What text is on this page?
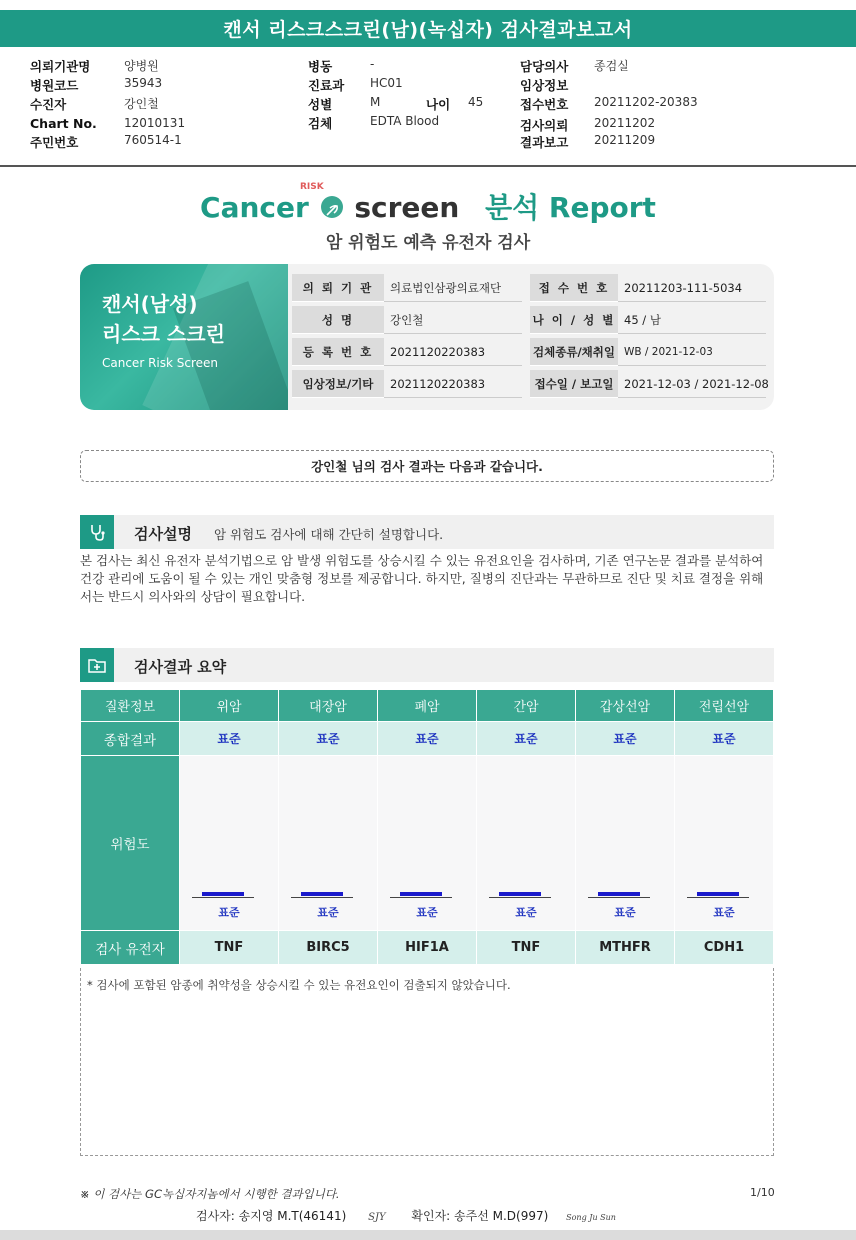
캔서 리스크스크린(남)(녹십자) 검사결과보고서
의뢰기관명	양병원
병원코드	35943
수진자	강인철
Chart No. 12010131
주민번호	760514-1
병동	-
진료과 HC01
성별	M	나이 45
검체	EDTA Blood
담당의사 종검실
임상정보
접수번호 20211202-20383
검사의뢰 20211202
결과보고 20211209
Cancer
RISK
screen 분석 Report
암 위험도 예측 유전자 검사
캔서(남성)
리스크 스크린
Cancer Risk Screen
의 뢰 기 관	의료법인삼광의료재단	접 수 번 호	20211203-111-5034
성 명	강인철	나 이 / 성 별 45 / 남
등 록 번 호	2021120220383	검체종류/채취일 WB / 2021-12-03
임상정보/기타	2021120220383	접수일 / 보고일 2021-12-03 / 2021-12-08
강인철 님의 검사 결과는 다음과 같습니다.
검사설명 암 위험도 검사에 대해 간단히 설명합니다.
본 검사는 최신 유전자 분석기법으로 암 발생 위험도를 상승시킬 수 있는 유전요인을 검사하며, 기존 연구논문 결과를 분석하여 건강 관리에 도움이 될 수 있는 개인 맞춤형 정보를 제공합니다. 하지만, 질병의 진단과는 무관하므로 진단 및 치료 결정을 위해서는 반드시 의사와의 상담이 필요합니다.
검사결과 요약
질환정보	위암	대장암	폐암	간암	갑상선암	전립선암
종합결과	표준	표준	표준	표준	표준	표준
위험도	표준	표준	표준	표준	표준	표준

검사 유전자	TNF	BIRC5	HIF1A	TNF	MTHFR	CDH1
* 검사에 포함된 암종에 취약성을 상승시킬 수 있는 유전요인이 검출되지 않았습니다.
※ 이 검사는 GC녹십자지놈에서 시행한 결과입니다.	1/10
검사자: 송지영 M.T(46141) SJY 확인자: 송주선 M.D(997) Song Ju Sun
